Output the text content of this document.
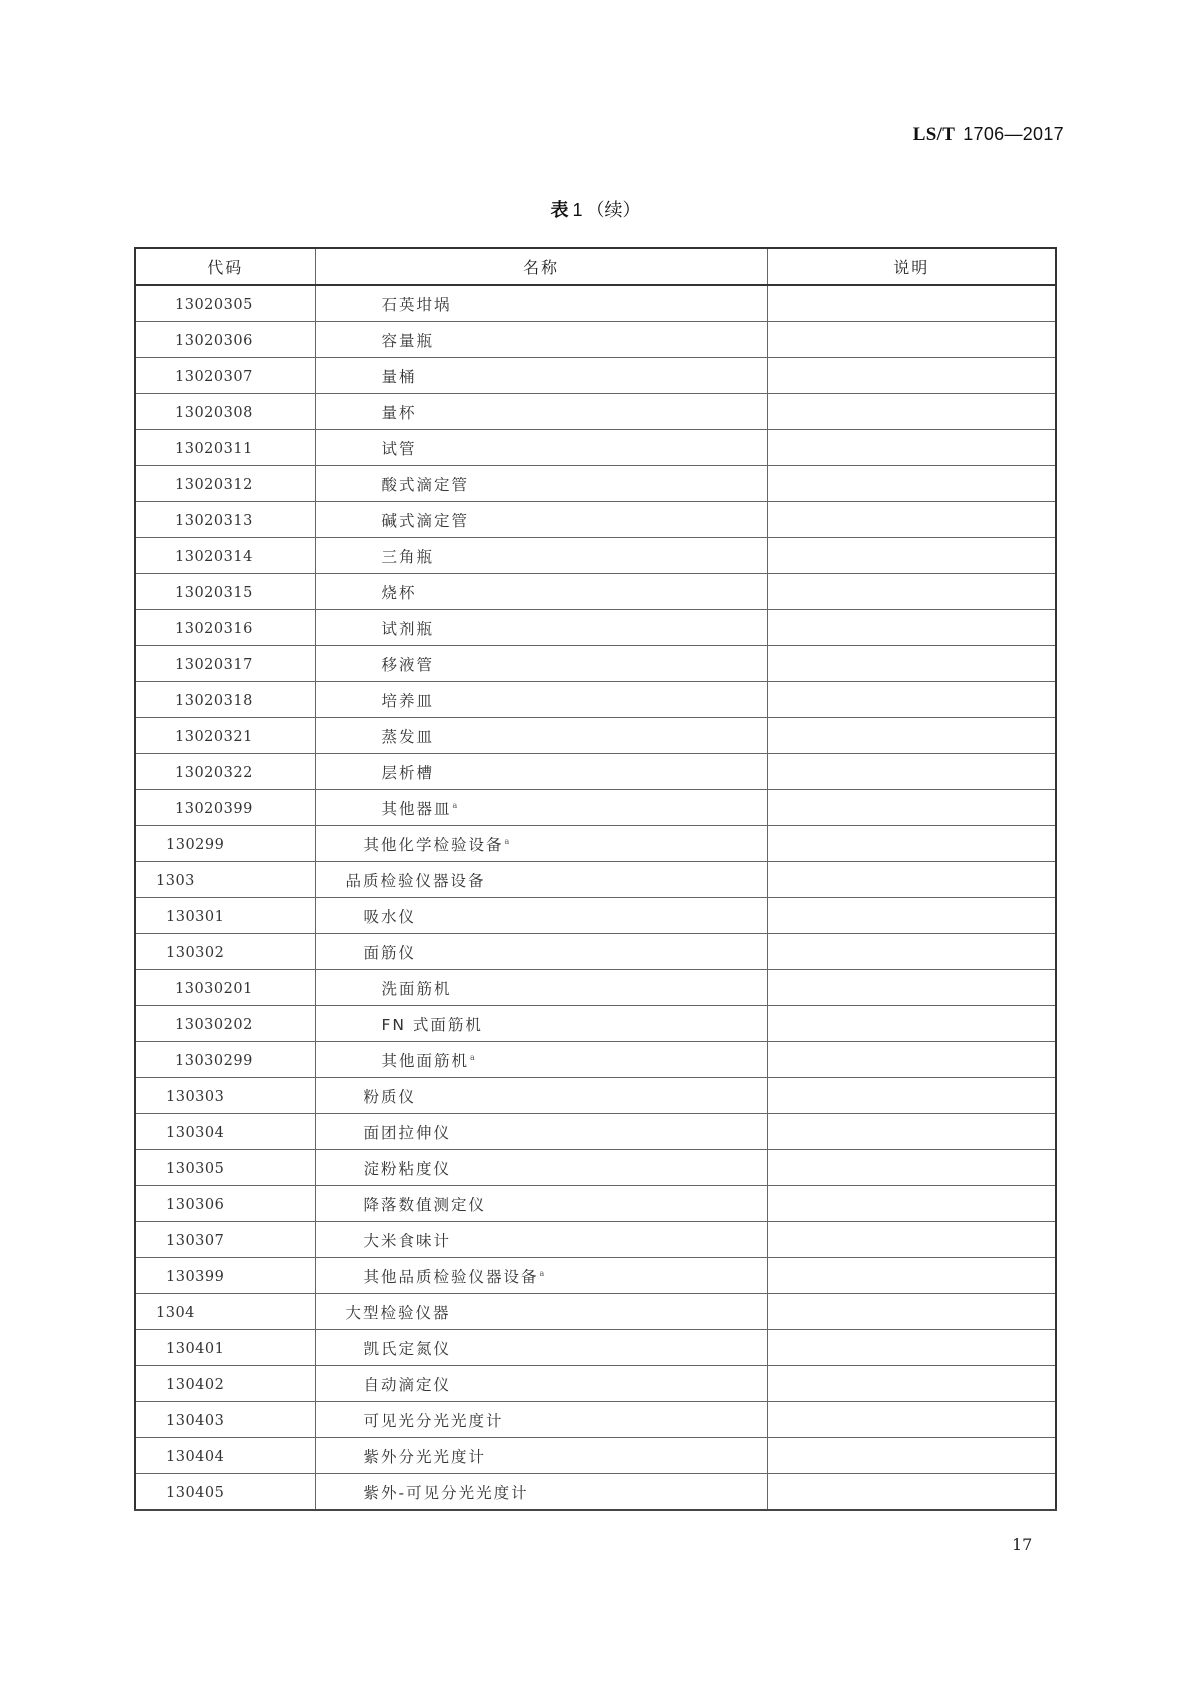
LS/T 1706—2017
表 1 （续）
代码	名称	说明
13020305	石英坩埚	
13020306	容量瓶	
13020307	量桶	
13020308	量杯	
13020311	试管	
13020312	酸式滴定管	
13020313	碱式滴定管	
13020314	三角瓶	
13020315	烧杯	
13020316	试剂瓶	
13020317	移液管	
13020318	培养皿	
13020321	蒸发皿	
13020322	层析槽	
13020399	其他器皿$^a$	
130299	其他化学检验设备$^a$	
1303	品质检验仪器设备	
130301	吸水仪	
130302	面筋仪	
13030201	洗面筋机	
13030202	FN 式面筋机	
13030299	其他面筋机$^a$	
130303	粉质仪	
130304	面团拉伸仪	
130305	淀粉粘度仪	
130306	降落数值测定仪	
130307	大米食味计	
130399	其他品质检验仪器设备$^a$	
1304	大型检验仪器	
130401	凯氏定氮仪	
130402	自动滴定仪	
130403	可见光分光光度计	
130404	紫外分光光度计	
130405	紫外-可见分光光度计	
17
